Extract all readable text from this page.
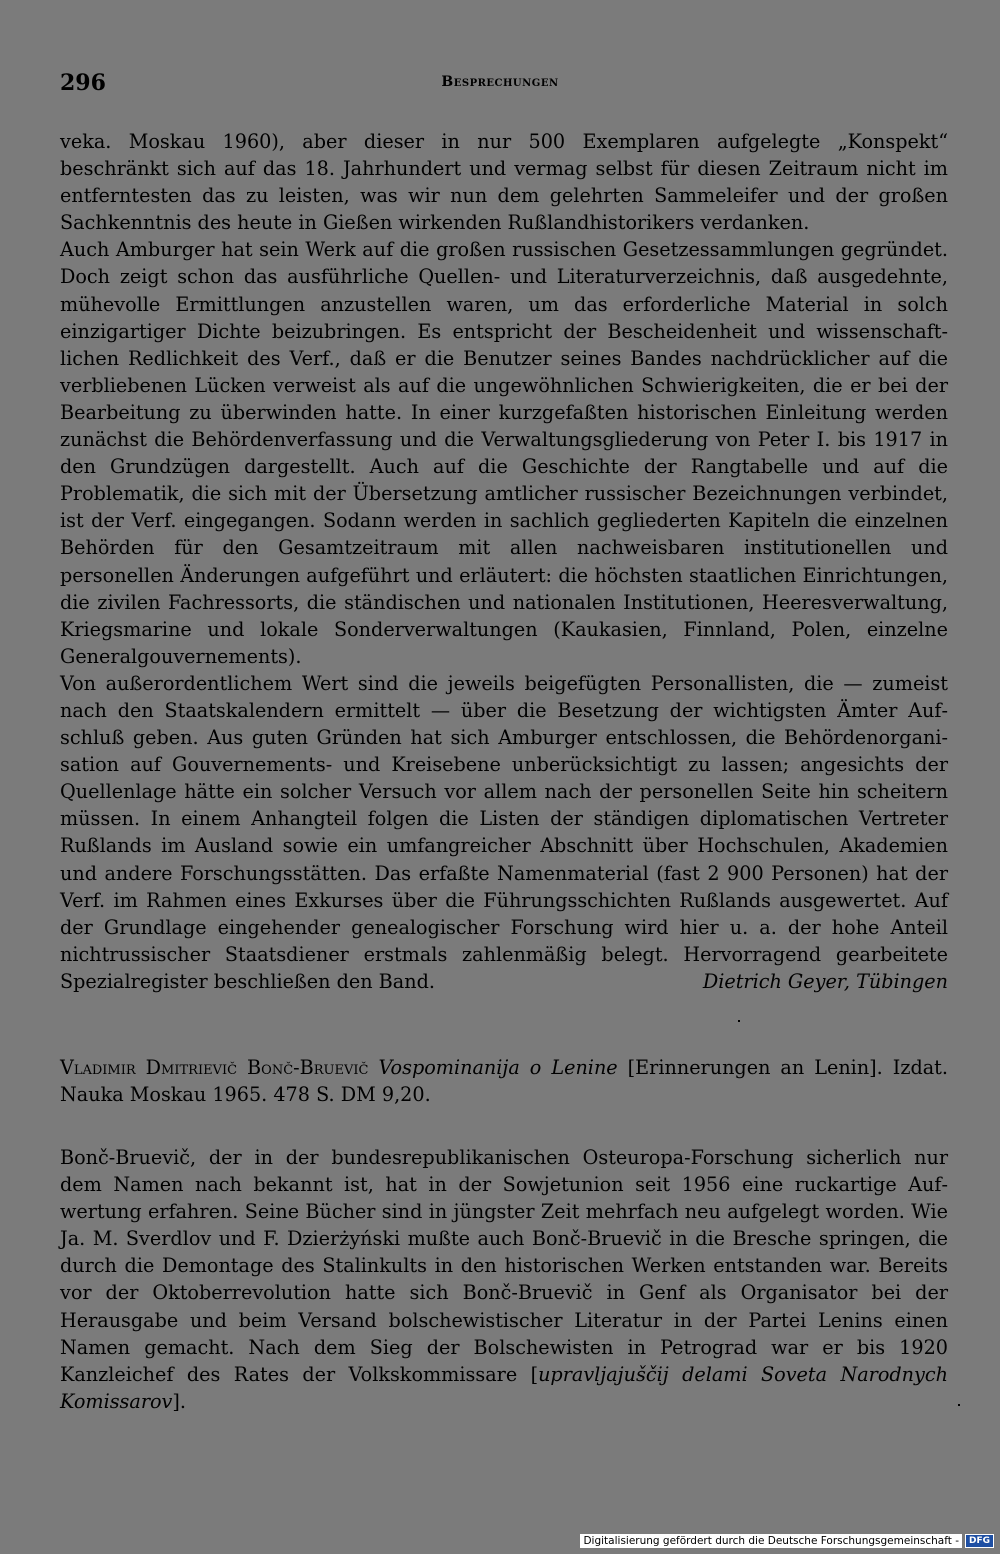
296	Besprechungen

veka. Moskau 1960), aber dieser in nur 500 Exemplaren aufgelegte „Konspekt“ beschränkt sich auf das 18. Jahrhundert und vermag selbst für diesen Zeitraum nicht im entferntesten das zu leisten, was wir nun dem gelehrten Sammeleifer und der großen Sachkenntnis des heute in Gießen wirkenden Rußlandhistorikers verdanken.

Auch Amburger hat sein Werk auf die großen russischen Gesetzessammlungen gegründet. Doch zeigt schon das ausführliche Quellen- und Literaturverzeichnis, daß ausgedehnte, mühevolle Ermittlungen anzustellen waren, um das erforderliche Material in solch einzigartiger Dichte beizubringen. Es entspricht der Bescheidenheit und wissenschaftlichen Redlichkeit des Verf., daß er die Benutzer seines Bandes nachdrücklicher auf die verbliebenen Lücken verweist als auf die ungewöhnlichen Schwierigkeiten, die er bei der Bearbeitung zu überwinden hatte. In einer kurzgefaßten historischen Einleitung werden zunächst die Behördenverfassung und die Verwaltungsgliederung von Peter I. bis 1917 in den Grundzügen dargestellt. Auch auf die Geschichte der Rangtabelle und auf die Problematik, die sich mit der Übersetzung amtlicher russischer Bezeichnungen verbindet, ist der Verf. eingegangen. Sodann werden in sachlich gegliederten Kapiteln die einzelnen Behörden für den Gesamtzeitraum mit allen nachweisbaren institutionellen und personellen Änderungen aufgeführt und erläutert: die höchsten staatlichen Einrichtungen, die zivilen Fachressorts, die ständischen und nationalen Institutionen, Heeresverwaltung, Kriegsmarine und lokale Sonderverwaltungen (Kaukasien, Finnland, Polen, einzelne Generalgouvernements).

Von außerordentlichem Wert sind die jeweils beigefügten Personallisten, die — zumeist nach den Staatskalendern ermittelt — über die Besetzung der wichtigsten Ämter Aufschluß geben. Aus guten Gründen hat sich Amburger entschlossen, die Behördenorganisation auf Gouvernements- und Kreisebene unberücksichtigt zu lassen; angesichts der Quellenlage hätte ein solcher Versuch vor allem nach der personellen Seite hin scheitern müssen. In einem Anhangteil folgen die Listen der ständigen diplomatischen Vertreter Rußlands im Ausland sowie ein umfangreicher Abschnitt über Hochschulen, Akademien und andere Forschungsstätten. Das erfaßte Namenmaterial (fast 2 900 Personen) hat der Verf. im Rahmen eines Exkurses über die Führungsschichten Rußlands ausgewertet. Auf der Grundlage eingehender genealogischer Forschung wird hier u. a. der hohe Anteil nichtrussischer Staatsdiener erstmals zahlenmäßig belegt. Hervorragend gearbeitete Spezialregister beschließen den Band.	Dietrich Geyer, Tübingen

Vladimir Dmitrievič Bonč-Bruevič Vospominanija o Lenine [Erinnerungen an Lenin]. Izdat. Nauka Moskau 1965. 478 S. DM 9,20.

Bonč-Bruevič, der in der bundesrepublikanischen Osteuropa-Forschung sicherlich nur dem Namen nach bekannt ist, hat in der Sowjetunion seit 1956 eine ruckartige Aufwertung erfahren. Seine Bücher sind in jüngster Zeit mehrfach neu aufgelegt worden. Wie Ja. M. Sverdlov und F. Dzierżyński mußte auch Bonč-Bruevič in die Bresche springen, die durch die Demontage des Stalinkults in den historischen Werken entstanden war. Bereits vor der Oktoberrevolution hatte sich Bonč-Bruevič in Genf als Organisator bei der Herausgabe und beim Versand bolschewistischer Literatur in der Partei Lenins einen Namen gemacht. Nach dem Sieg der Bolschewisten in Petrograd war er bis 1920 Kanzleichef des Rates der Volkskommissare [upravljajuščij delami Soveta Narodnych Komissarov].

Digitalisierung gefördert durch die Deutsche Forschungsgemeinschaft -	DFG
